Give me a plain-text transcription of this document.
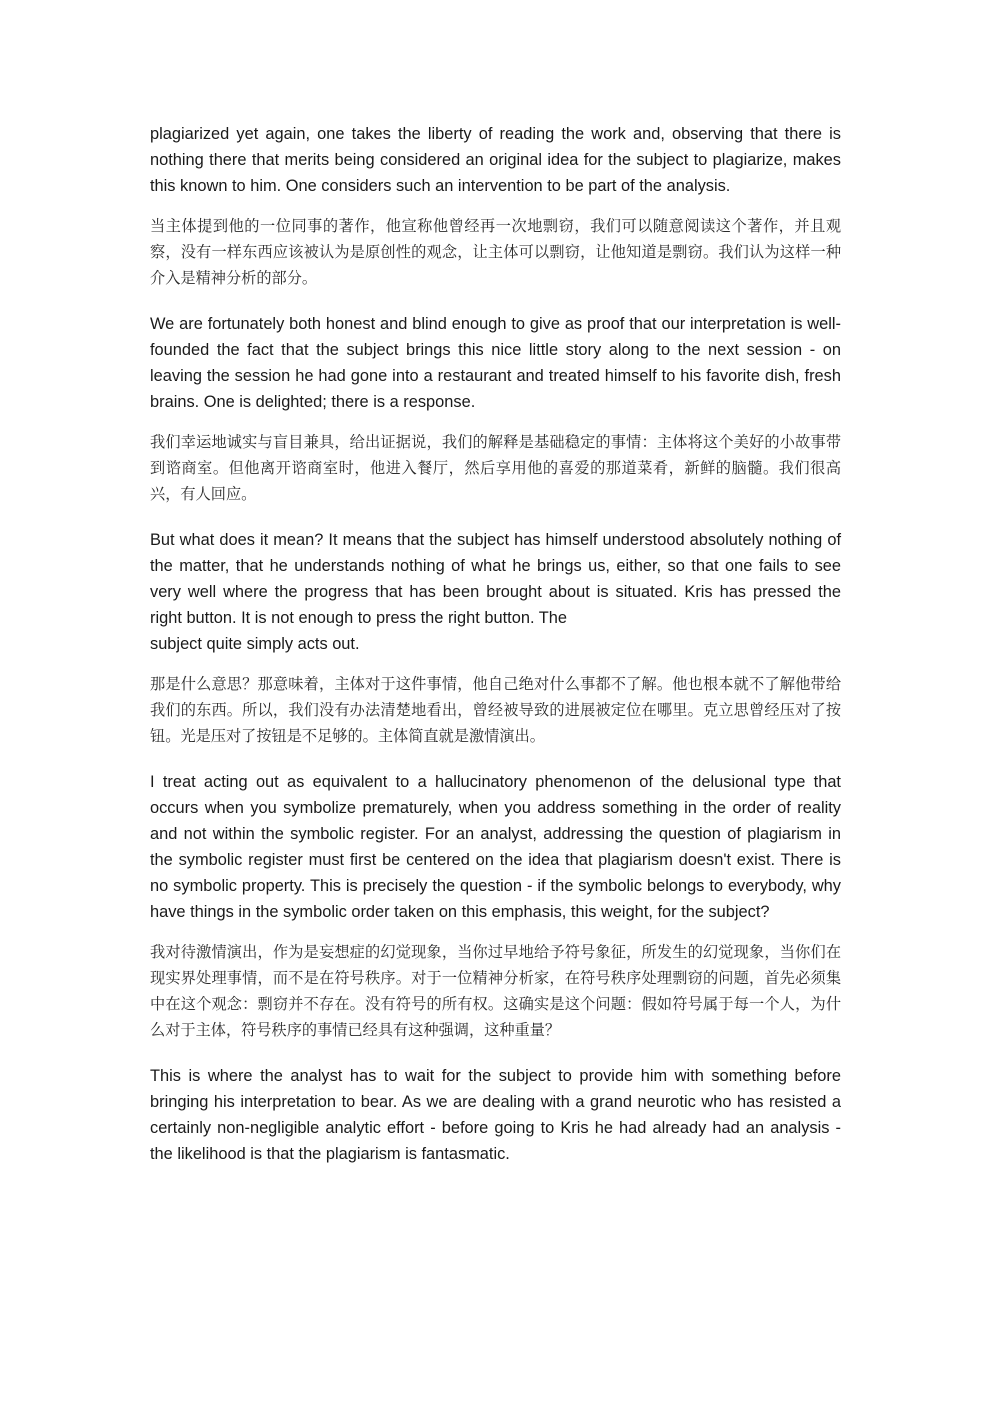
plagiarized yet again, one takes the liberty of reading the work and, observing that there is nothing there that merits being considered an original idea for the subject to plagiarize, makes this known to him. One considers such an intervention to be part of the analysis.

当主体提到他的一位同事的著作，他宣称他曾经再一次地剽窃，我们可以随意阅读这个著作，并且观察，没有一样东西应该被认为是原创性的观念，让主体可以剽窃，让他知道是剽窃。我们认为这样一种介入是精神分析的部分。

We are fortunately both honest and blind enough to give as proof that our interpretation is well-founded the fact that the subject brings this nice little story along to the next session - on leaving the session he had gone into a restaurant and treated himself to his favorite dish, fresh brains. One is delighted; there is a response.

我们幸运地诚实与盲目兼具，给出证据说，我们的解释是基础稳定的事情：主体将这个美好的小故事带到谘商室。但他离开谘商室时，他进入餐厅，然后享用他的喜爱的那道菜肴，新鲜的脑髓。我们很高兴，有人回应。

But what does it mean? It means that the subject has himself understood absolutely nothing of the matter, that he understands nothing of what he brings us, either, so that one fails to see very well where the progress that has been brought about is situated. Kris has pressed the right button. It is not enough to press the right button. The

subject quite simply acts out.

那是什么意思？那意味着，主体对于这件事情，他自己绝对什么事都不了解。他也根本就不了解他带给我们的东西。所以，我们没有办法清楚地看出，曾经被导致的进展被定位在哪里。克立思曾经压对了按钮。光是压对了按钮是不足够的。主体简直就是激情演出。

I treat acting out as equivalent to a hallucinatory phenomenon of the delusional type that occurs when you symbolize prematurely, when you address something in the order of reality and not within the symbolic register. For an analyst, addressing the question of plagiarism in the symbolic register must first be centered on the idea that plagiarism doesn't exist. There is no symbolic property. This is precisely the question - if the symbolic belongs to everybody, why have things in the symbolic order taken on this emphasis, this weight, for the subject?

我对待激情演出，作为是妄想症的幻觉现象，当你过早地给予符号象征，所发生的幻觉现象，当你们在现实界处理事情，而不是在符号秩序。对于一位精神分析家，在符号秩序处理剽窃的问题，首先必须集中在这个观念：剽窃并不存在。没有符号的所有权。这确实是这个问题：假如符号属于每一个人，为什么对于主体，符号秩序的事情已经具有这种强调，这种重量？

This is where the analyst has to wait for the subject to provide him with something before bringing his interpretation to bear. As we are dealing with a grand neurotic who has resisted a certainly non-negligible analytic effort - before going to Kris he had already had an analysis - the likelihood is that the plagiarism is fantasmatic.
